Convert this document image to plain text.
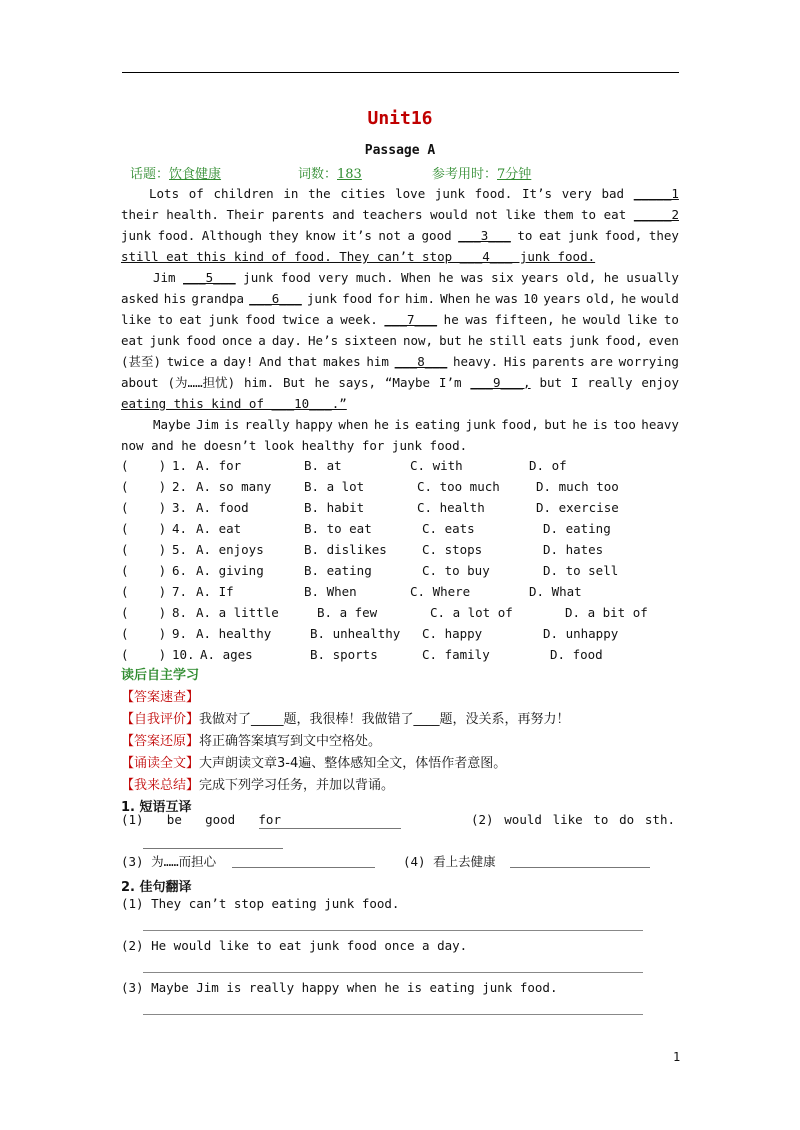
Unit16
Passage A
话题：饮食健康	词数：183	参考用时：7分钟
Lots of children in the cities love junk food. It’s very bad _____1
their health. Their parents and teachers would not like them to eat _____2
junk food. Although they know it’s not a good ___3___ to eat junk food, they
still eat this kind of food. They can’t stop ___4___ junk food.
Jim ___5___ junk food very much. When he was six years old, he usually
asked his grandpa ___6___ junk food for him. When he was 10 years old, he would
like to eat junk food twice a week. ___7___ he was fifteen, he would like to
eat junk food once a day. He’s sixteen now, but he still eats junk food, even
(甚至) twice a day! And that makes him ___8___ heavy. His parents are worrying
about (为……担忧) him. But he says, “Maybe I’m ___9___, but I really enjoy
eating this kind of ___10___.”
Maybe Jim is really happy when he is eating junk food, but he is too heavy
now and he doesn’t look healthy for junk food.
(    ) 1. A. for	B. at	C. with	D. of
(    ) 2. A. so many	B. a lot	C. too much	D. much too
(    ) 3. A. food	B. habit	C. health	D. exercise
(    ) 4. A. eat	B. to eat	C. eats	D. eating
(    ) 5. A. enjoys	B. dislikes	C. stops	D. hates
(    ) 6. A. giving	B. eating	C. to buy	D. to sell
(    ) 7. A. If	B. When	C. Where	D. What
(    ) 8. A. a little	B. a few	C. a lot of	D. a bit of
(    ) 9. A. healthy	B. unhealthy C. happy	D. unhappy
(    ) 10. A. ages	B. sports	C. family	D. food
读后自主学习
【答案速查】
【自我评价】我做对了_____题，我很棒！我做错了____题，没关系，再努力！
【答案还原】将正确答案填写到文中空格处。
【诵读全文】大声朗读文章3-4遍、整体感知全文，体悟作者意图。
【我来总结】完成下列学习任务，并加以背诵。
1. 短语互译
(1) be good for	(2) would like to do sth.
(3) 为……而担心	(4) 看上去健康
2. 佳句翻译
(1) They can’t stop eating junk food.
(2) He would like to eat junk food once a day.
(3) Maybe Jim is really happy when he is eating junk food.
1
